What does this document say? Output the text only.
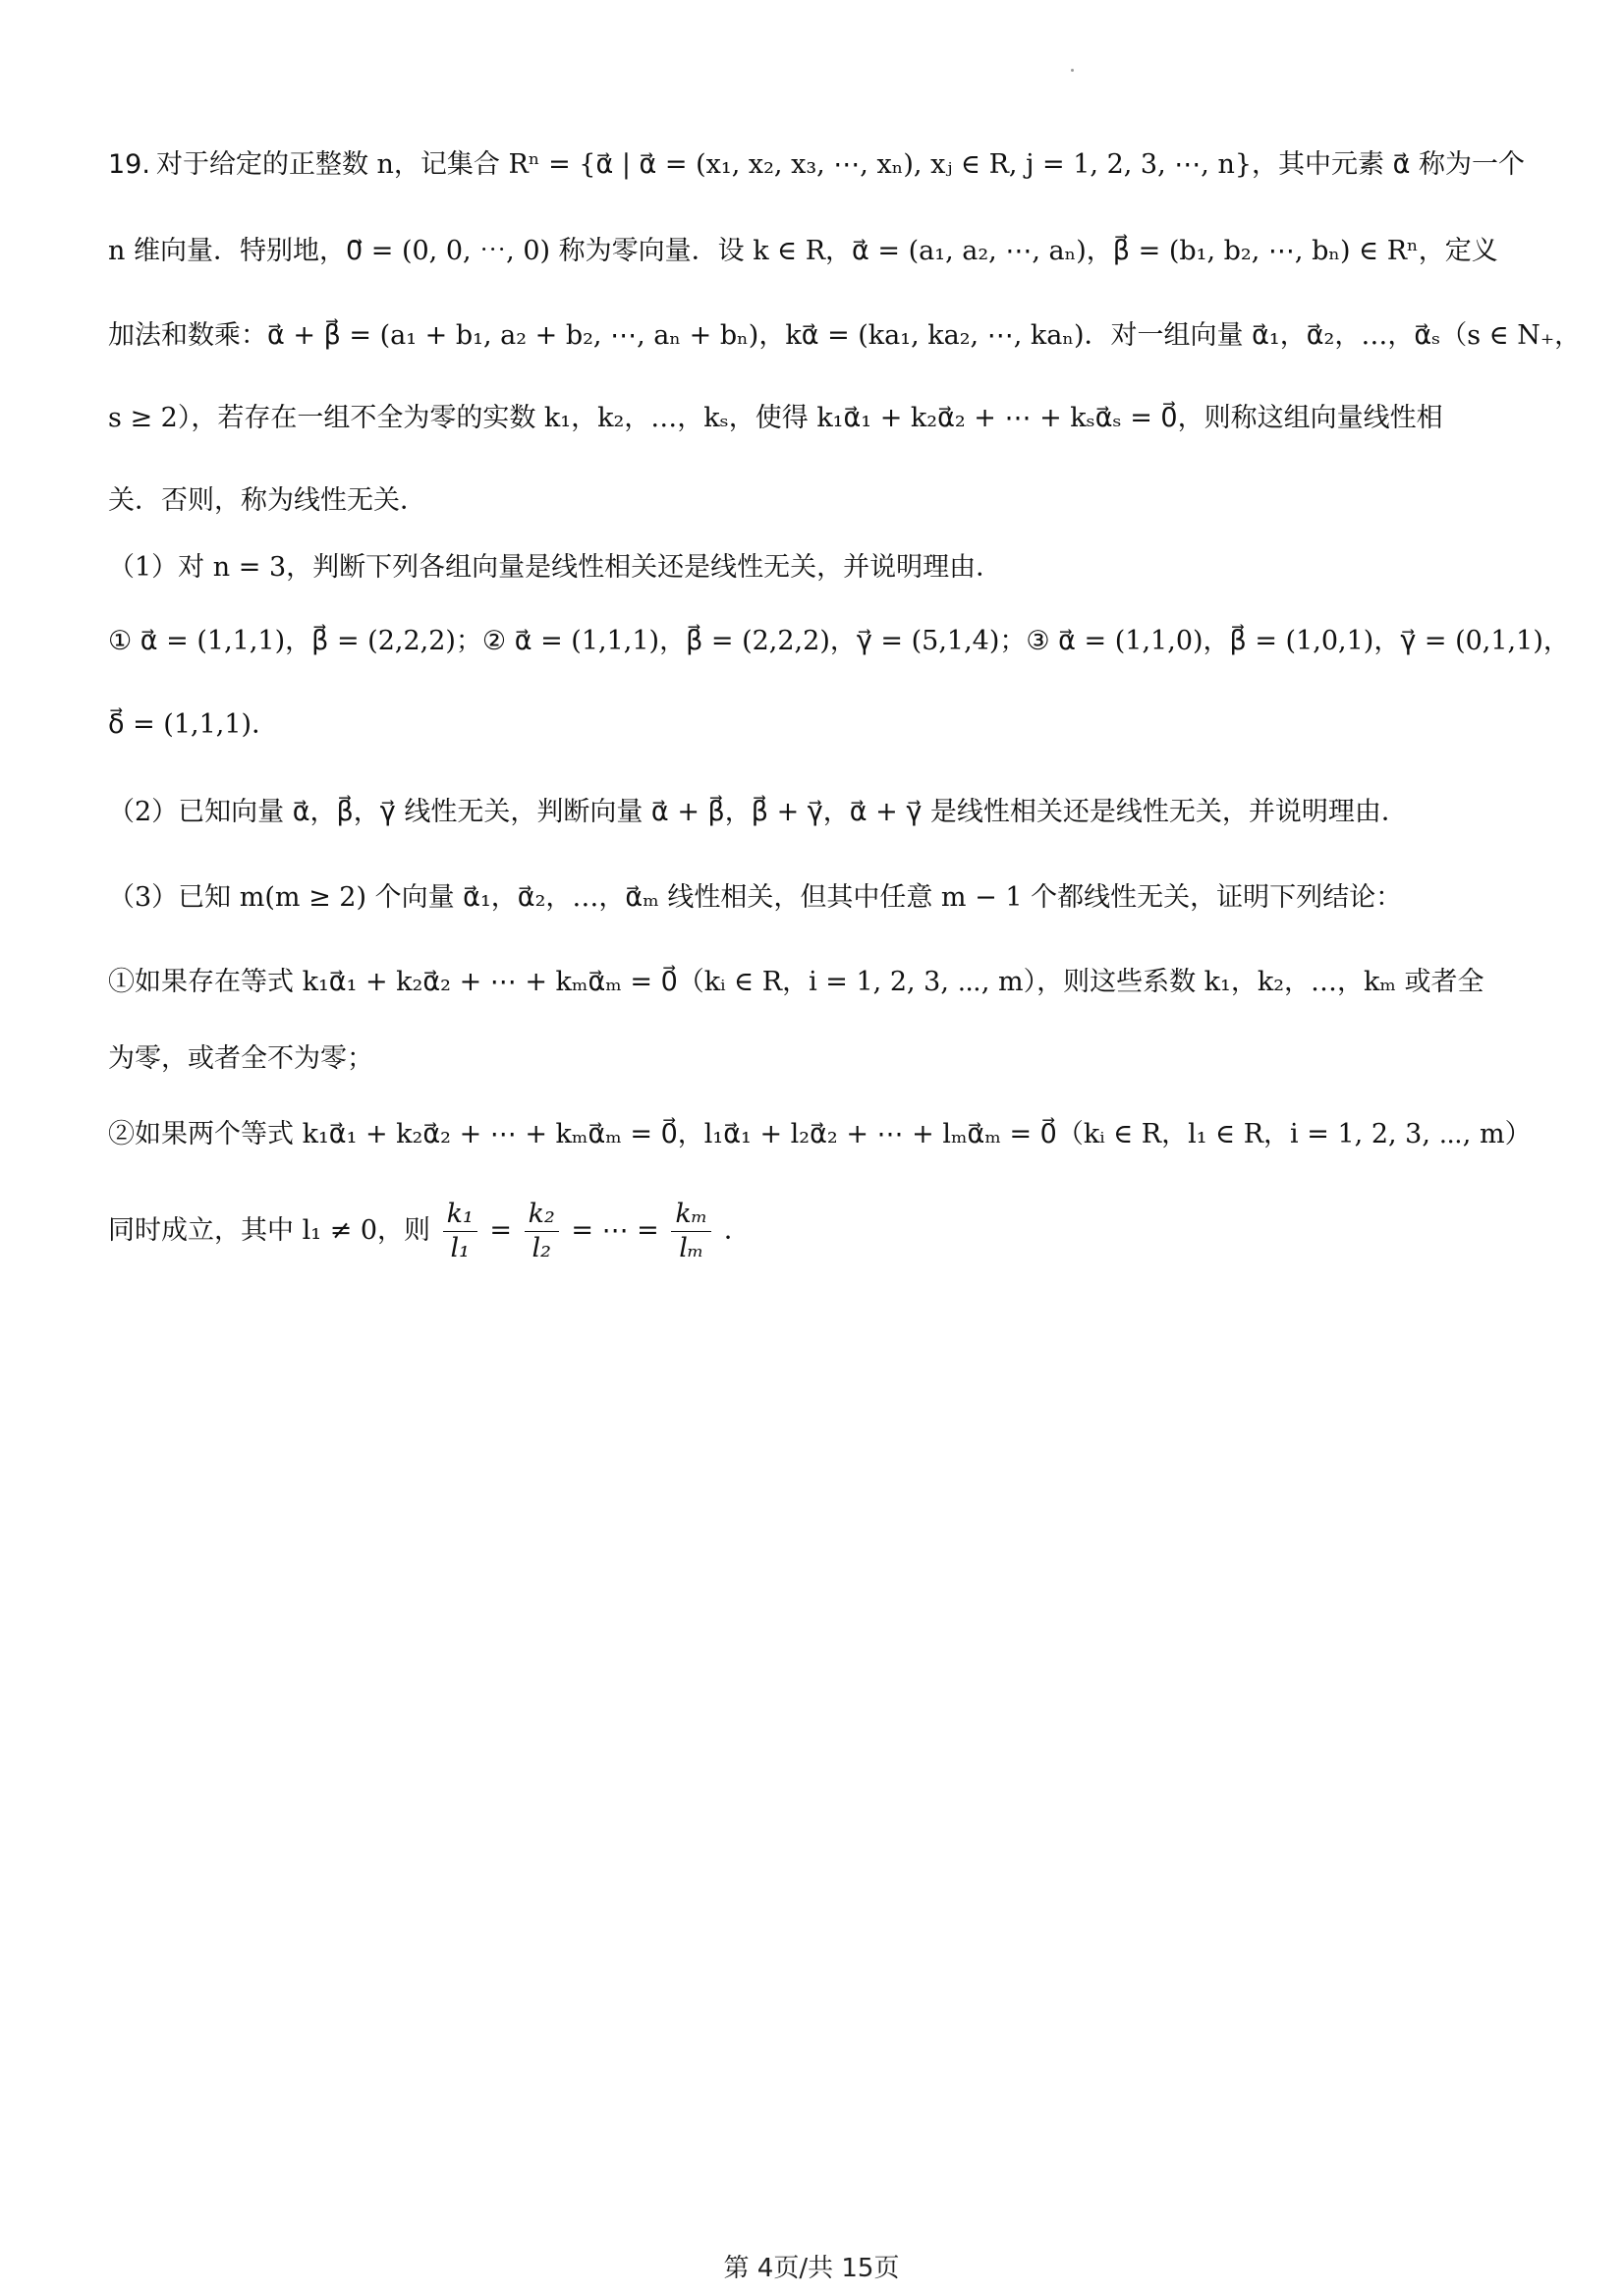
19. 对于给定的正整数 n，记集合 Rⁿ = {α⃗ | α⃗ = (x₁, x₂, x₃, ⋯, xₙ), xⱼ ∈ R, j = 1, 2, 3, ⋯, n}，其中元素 α⃗ 称为一个
n 维向量．特别地，0⃗ = (0, 0, ⋯, 0) 称为零向量．设 k ∈ R，α⃗ = (a₁, a₂, ⋯, aₙ)，β⃗ = (b₁, b₂, ⋯, bₙ) ∈ Rⁿ，定义
加法和数乘：α⃗ + β⃗ = (a₁ + b₁, a₂ + b₂, ⋯, aₙ + bₙ)，kα⃗ = (ka₁, ka₂, ⋯, kaₙ)．对一组向量 α⃗₁，α⃗₂，…，α⃗ₛ（s ∈ N₊，
s ≥ 2），若存在一组不全为零的实数 k₁，k₂，…，kₛ，使得 k₁α⃗₁ + k₂α⃗₂ + ⋯ + kₛα⃗ₛ = 0⃗，则称这组向量线性相
关．否则，称为线性无关．
（1）对 n = 3，判断下列各组向量是线性相关还是线性无关，并说明理由．
① α⃗ = (1,1,1)，β⃗ = (2,2,2)；② α⃗ = (1,1,1)，β⃗ = (2,2,2)，γ⃗ = (5,1,4)；③ α⃗ = (1,1,0)，β⃗ = (1,0,1)，γ⃗ = (0,1,1)，
δ⃗ = (1,1,1)．
（2）已知向量 α⃗，β⃗，γ⃗ 线性无关，判断向量 α⃗ + β⃗，β⃗ + γ⃗，α⃗ + γ⃗ 是线性相关还是线性无关，并说明理由．
（3）已知 m(m ≥ 2) 个向量 α⃗₁，α⃗₂，…，α⃗ₘ 线性相关，但其中任意 m − 1 个都线性无关，证明下列结论：
①如果存在等式 k₁α⃗₁ + k₂α⃗₂ + ⋯ + kₘα⃗ₘ = 0⃗（kᵢ ∈ R，i = 1, 2, 3, ⋯, m），则这些系数 k₁，k₂，…，kₘ 或者全
为零，或者全不为零；
②如果两个等式 k₁α⃗₁ + k₂α⃗₂ + ⋯ + kₘα⃗ₘ = 0⃗，l₁α⃗₁ + l₂α⃗₂ + ⋯ + lₘα⃗ₘ = 0⃗（kᵢ ∈ R，l₁ ∈ R，i = 1, 2, 3, ⋯, m）
同时成立，其中 l₁ ≠ 0，则 $\frac{\text{k₁}}{\text{l₁}} = \frac{\text{k₂}}{\text{l₂}}$ = ⋯ = $\frac{\text{kₘ}}{\text{lₘ}}$ ．
第 4页/共 15页
